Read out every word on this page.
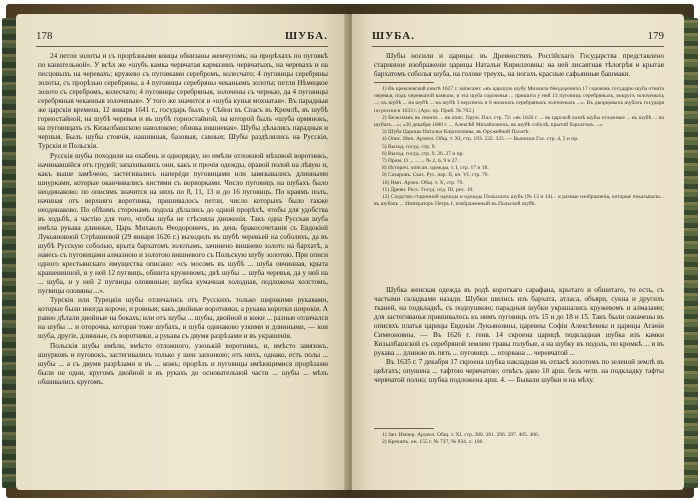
178	ШУБА.

24 петли золоты и съ прорѣзными концы обнизаны жемчугомъ; на прорѣхахъ по пуговкѣ по канительной». У всѣх же «шубъ камка червчатая кармазинъ червчатыхъ, на черевахъ и на песцовыхъ на черевахъ; кружево съ пуговками серебромъ, колесчато; 4 пуговицы серебряны золоты, съ прорѣзью серебряны, а 4 пуговицы серебряны чеканьемъ золоты; петли Нѣмецкое золото съ серебромъ, колесчато; 4 пуговицы серебряныя, золочены съ чернью, да 4 пуговицы серебряныя чеканныя золоченыя». У того же значится и «шуба кунья мохнатая». Въ парадныя же царскія времена, 12 января 1641 г., государь былъ у Сѣйон въ Спасъ въ Кремлѣ, въ шубѣ горностайной, на шубѣ черевья и въ шубѣ горностайной, на которой былъ «шуба ормянокъ, на пуговицахъ съ Кизылбашскою наволокою; обинка вишневая». Шубы дѣлались парадныя и черныя. Былъ шубы стоячія, нашивныя, базовыя, савныя; Шубы раздѣлялись на Русскія, Турскія и Польскія.

Русскія шубы походили на охабень и однорядку, но имѣли отложной мѣховой воротникъ, начинавшійся отъ грудей; запахивались они, какъ и прочія одежды, правой полой на лѣвую и, какъ выше замѣчено, застегивались наперёди пуговицами или завязывались длинными шнурками, которые оканчивались кистями съ ворворками. Число пуговицъ на шубахъ было неодинаково: по описямъ значится на нихъ по 8, 11, 13 и до 16 пуговицъ. По краямъ полъ, начиная отъ верхняго воротника, пришивалось петли, число которыхъ было также неодинаково. По обѣимъ сторонамъ подола дѣлались до одной прорѣхѣ, чтобы для удобства въ ходьбѣ, а частію для того, чтобы шуба не стѣсняла движенія. Такъ одна Русская шуба имѣла рукава длинные, Царь Михаилъ Ѳеодоровичъ, въ день бракосочетанія съ Евдокіей Лукьяновной Стрѣшневой (29 января 1626 г.) выходилъ въ шубѣ черевьей на соболяхъ, да въ шубѣ Русскую соболью, крыта бархатомъ золотымъ, зачинено вишнево золото на бархатѣ, а навесь съ пуговицами алмазною и золотою вишневого съ Польскую шубу золотою. При описи одного крестьянскаго имущества описано: «съ мосомъ въ шубѣ ... шуба овчинная, крыта крашенинной, и у ней 12 пугвицъ, обшита кружевомъ; двѣ шубы ... шуба черевья, да у ней на ... шуба, и у ней 2 пугвицы оловянные; шубка кумачная холодная, подложена холстомъ, пугвицы оловяны ...».

Турскія или Турецкія шубы отличались отъ Русскихъ только широкими рукавами, которые были иногда короче, и ровныя; какъ двойные воротники, а рукава коротки широкія. А равно дѣлали двойные на бокахъ; или отъ шубы ... шубы, двойной и кожи ... разные отличался на шубы ... и оторочка, которая тоже шубахъ, и шуба одинаково узкими и длинными, — кои шуба, другіе, длинные, съ воротники, а рукава съ двумя разрѣзами и въ украшенія.

Польскія шубы имѣли, вмѣсто отложного, узенькій воротникъ, и, вмѣсто завязокъ, шнурковъ и пуговокъ, застегивались только у шеи запонкою; отъ нихъ, однако, есть полы ... шубы ... а съ двумя разрѣзами и въ ... кожъ; прорѣзъ и пуговицы имѣющимися прорѣзами были не одни, кругомъ двойной и въ рукахъ до основательной части ... шубы ... мѣхъ обшивались кругомъ.

ШУБА.	179

Шубы носили и царицы: въ Древностяхъ Россійскаго Государства представлено старинное изображеніе царицы Натальи Кирилловны: на ней лисавтная тѣлогрѣя и крытая бархатомъ соболья шуба, на голове треухъ, на ногахъ красные сафьянные башмаки.

1) Въ кремлевской книгѣ 1627 г. записано: «въ царскую шубу Михаила Ѳеодоровича 17 сороковъ государю шуба отнята черевья, подъ черевчатой камкою, и эта шуба сорочевья ... пришита у ней 13 пуговицъ серебряныхъ, вокругъ золоченыхъ ...; къ шубѣ ... на шубѣ ... на шубѣ 3 верхнихъ и 8 нижнихъ серебряныхъ золоченыхъ ...». Въ дворцовыхъ шубахъ государя по росписи 1633 г. (Арх. ор. Приб. № 702.)

2) Вельтманъ въ своихъ ... въ опис. Оруж. Пал. стр. 72: «въ 1626 г. ... въ царской казнѣ шубы отложные ... въ шубѣ ... на шубахъ ...»; «20 декабря 1680 г. ... Алексѣй Михайловичъ, въ шубѣ соболѣ, крытой бархатомъ ...».

3) Шуба Царицы Натальи Кирилловны, въ Оружейной Палатѣ.

4) Опис. Имп. Археол. Общ. т. XI, стр. 193. 232. 325. — Выписки Гос. стр. 4, 5 и пр.

5) Выход. госуд. стр. 8.

6) Выход. госуд. стр. 9. 26. 27 и пр.

7) Прим. О ... ... ... № 2, 6, 9 и 27.

8) Историч. описан. одежды, т. I, стр. 17 и 18.

9) Сахаровъ. Сказ. Рус. нар. II, кн. VI, стр. 76.

10) Имп. Архео. Общ. т. X, стр. 79.

11) Древн. Росс. Госуд. отд. III, рис. 10.

12) Сходство старинной одежды и одежды Польскихъ шубъ (№ 13 и 14)... и разные изображенія, которые показывали... въ шубахъ ... Императоръ Петръ I, изображенный въ Польской шубѣ.

Шубка женская одежда въ родѣ короткаго сарафана, крытаго и обшитаго, то есть, съ частыми складками назади. Шубки шились изъ бархата, атласа, объяри, сукна и другихъ тканей, на подкладкѣ, съ подпушкою; парадныя шубки украшались кружевомъ и алмазами; для застегиванья пришивалось къ нимъ пуговицъ отъ 15 и до 18 и 15. Такъ были означены въ описяхъ платья царицы Евдокіи Лукьяновны, царевны Софіи Алексѣевны и царицы Агаѳіи Симеоновны. — Въ 1626 г. генв. 14 скроена царицѣ подкладная шубка изъ камки Кизылбашской съ серебряной землею травы голубые, а на шубку въ подоль, по кромкѣ ... и въ рукава ... длиною въ пять ... пуговицъ ... оторвана ... черевчатой ...

Въ 1635 г. 7 декабря 17 скроена шубка накладная въ отласѣ золотомъ по зеленой землѣ въ цвѣтахъ; опушена ... тафтою червчатою; отвѣсъ дано 10 арш. безъ четв. на подкладку тафты червчатой полно; шубка подложена арш. 4. — Бывали шубки и на мѣху.

1) Зап. Импер. Археол. Общ. т. XI, стр. 380. 381. 396. 397. 405. 406.

2) Крекинъ. кн. 155 г. № 737, № 834. л. 106.
